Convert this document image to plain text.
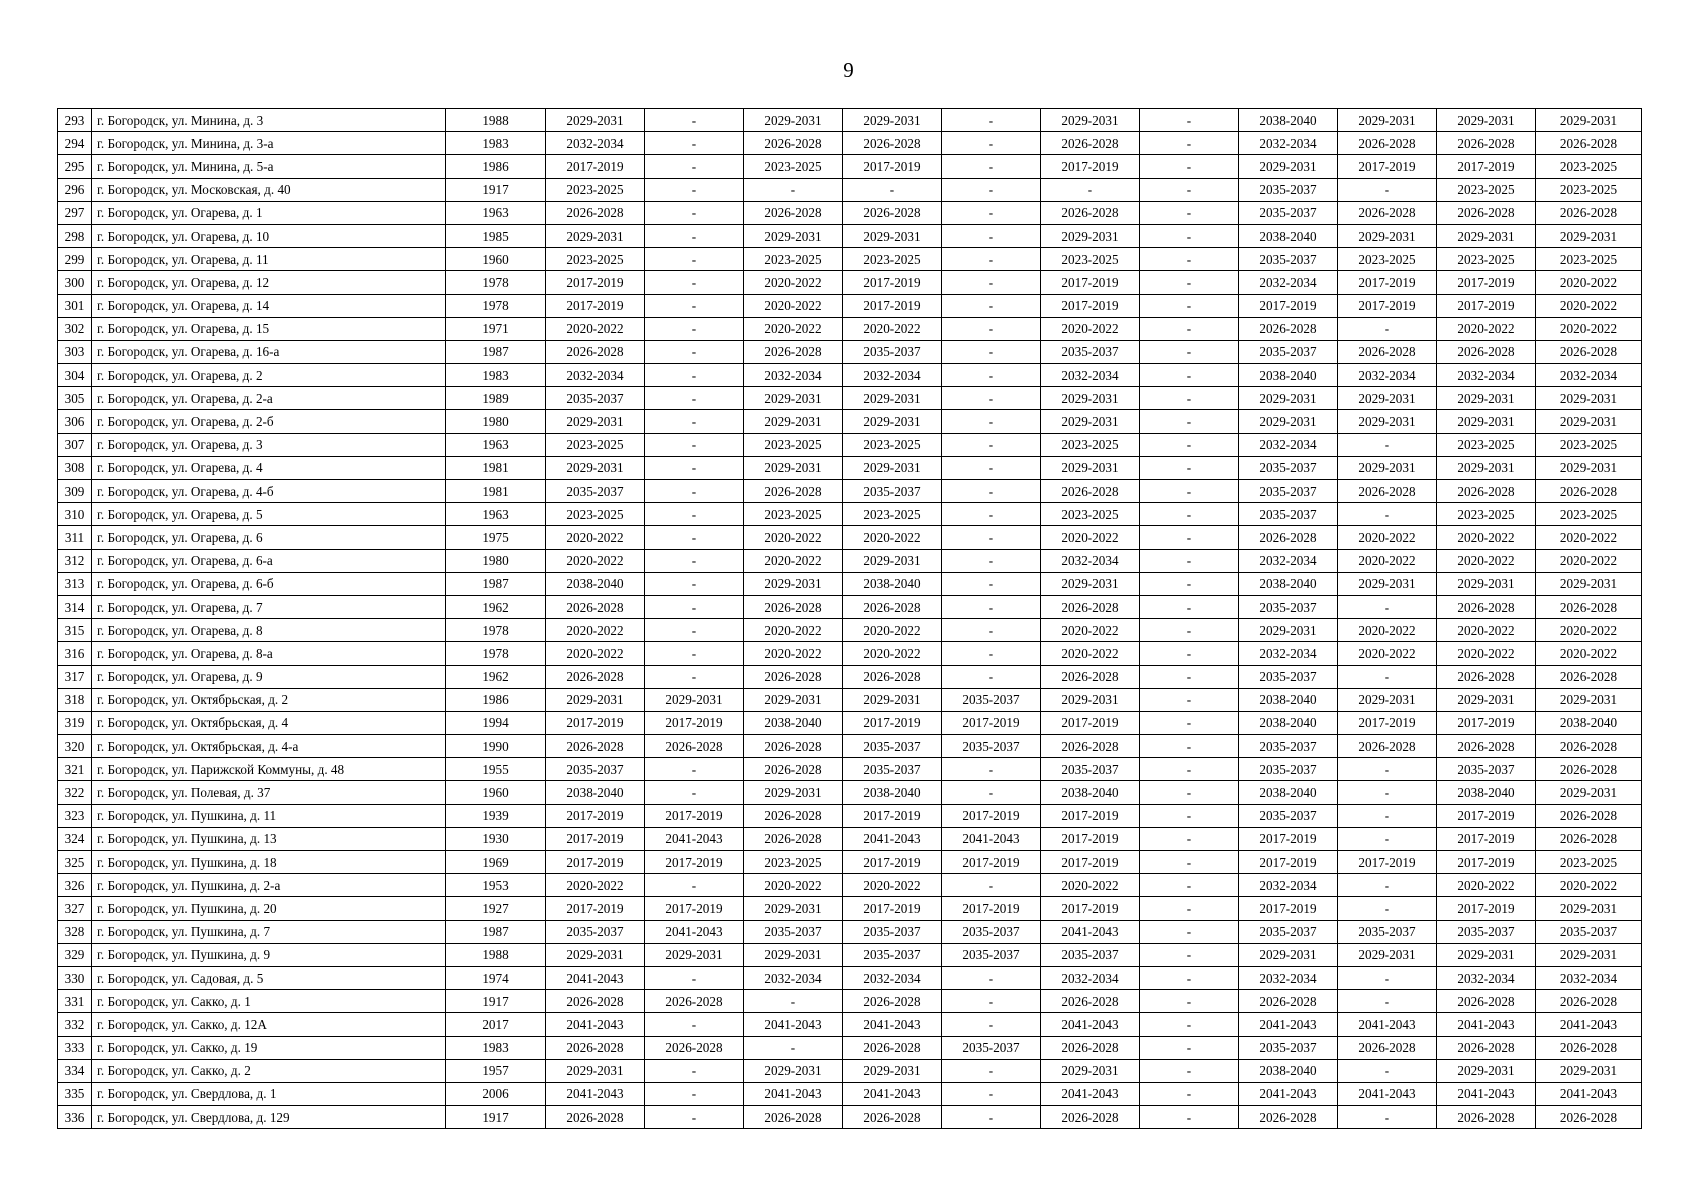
9
293	г. Богородск, ул. Минина, д. 3	1988	2029-2031	-	2029-2031	2029-2031	-	2029-2031	-	2038-2040	2029-2031	2029-2031	2029-2031
294	г. Богородск, ул. Минина, д. 3-а	1983	2032-2034	-	2026-2028	2026-2028	-	2026-2028	-	2032-2034	2026-2028	2026-2028	2026-2028
295	г. Богородск, ул. Минина, д. 5-а	1986	2017-2019	-	2023-2025	2017-2019	-	2017-2019	-	2029-2031	2017-2019	2017-2019	2023-2025
296	г. Богородск, ул. Московская, д. 40	1917	2023-2025	-	-	-	-	-	-	2035-2037	-	2023-2025	2023-2025
297	г. Богородск, ул. Огарева, д. 1	1963	2026-2028	-	2026-2028	2026-2028	-	2026-2028	-	2035-2037	2026-2028	2026-2028	2026-2028
298	г. Богородск, ул. Огарева, д. 10	1985	2029-2031	-	2029-2031	2029-2031	-	2029-2031	-	2038-2040	2029-2031	2029-2031	2029-2031
299	г. Богородск, ул. Огарева, д. 11	1960	2023-2025	-	2023-2025	2023-2025	-	2023-2025	-	2035-2037	2023-2025	2023-2025	2023-2025
300	г. Богородск, ул. Огарева, д. 12	1978	2017-2019	-	2020-2022	2017-2019	-	2017-2019	-	2032-2034	2017-2019	2017-2019	2020-2022
301	г. Богородск, ул. Огарева, д. 14	1978	2017-2019	-	2020-2022	2017-2019	-	2017-2019	-	2017-2019	2017-2019	2017-2019	2020-2022
302	г. Богородск, ул. Огарева, д. 15	1971	2020-2022	-	2020-2022	2020-2022	-	2020-2022	-	2026-2028	-	2020-2022	2020-2022
303	г. Богородск, ул. Огарева, д. 16-а	1987	2026-2028	-	2026-2028	2035-2037	-	2035-2037	-	2035-2037	2026-2028	2026-2028	2026-2028
304	г. Богородск, ул. Огарева, д. 2	1983	2032-2034	-	2032-2034	2032-2034	-	2032-2034	-	2038-2040	2032-2034	2032-2034	2032-2034
305	г. Богородск, ул. Огарева, д. 2-а	1989	2035-2037	-	2029-2031	2029-2031	-	2029-2031	-	2029-2031	2029-2031	2029-2031	2029-2031
306	г. Богородск, ул. Огарева, д. 2-б	1980	2029-2031	-	2029-2031	2029-2031	-	2029-2031	-	2029-2031	2029-2031	2029-2031	2029-2031
307	г. Богородск, ул. Огарева, д. 3	1963	2023-2025	-	2023-2025	2023-2025	-	2023-2025	-	2032-2034	-	2023-2025	2023-2025
308	г. Богородск, ул. Огарева, д. 4	1981	2029-2031	-	2029-2031	2029-2031	-	2029-2031	-	2035-2037	2029-2031	2029-2031	2029-2031
309	г. Богородск, ул. Огарева, д. 4-б	1981	2035-2037	-	2026-2028	2035-2037	-	2026-2028	-	2035-2037	2026-2028	2026-2028	2026-2028
310	г. Богородск, ул. Огарева, д. 5	1963	2023-2025	-	2023-2025	2023-2025	-	2023-2025	-	2035-2037	-	2023-2025	2023-2025
311	г. Богородск, ул. Огарева, д. 6	1975	2020-2022	-	2020-2022	2020-2022	-	2020-2022	-	2026-2028	2020-2022	2020-2022	2020-2022
312	г. Богородск, ул. Огарева, д. 6-а	1980	2020-2022	-	2020-2022	2029-2031	-	2032-2034	-	2032-2034	2020-2022	2020-2022	2020-2022
313	г. Богородск, ул. Огарева, д. 6-б	1987	2038-2040	-	2029-2031	2038-2040	-	2029-2031	-	2038-2040	2029-2031	2029-2031	2029-2031
314	г. Богородск, ул. Огарева, д. 7	1962	2026-2028	-	2026-2028	2026-2028	-	2026-2028	-	2035-2037	-	2026-2028	2026-2028
315	г. Богородск, ул. Огарева, д. 8	1978	2020-2022	-	2020-2022	2020-2022	-	2020-2022	-	2029-2031	2020-2022	2020-2022	2020-2022
316	г. Богородск, ул. Огарева, д. 8-а	1978	2020-2022	-	2020-2022	2020-2022	-	2020-2022	-	2032-2034	2020-2022	2020-2022	2020-2022
317	г. Богородск, ул. Огарева, д. 9	1962	2026-2028	-	2026-2028	2026-2028	-	2026-2028	-	2035-2037	-	2026-2028	2026-2028
318	г. Богородск, ул. Октябрьская, д. 2	1986	2029-2031	2029-2031	2029-2031	2029-2031	2035-2037	2029-2031	-	2038-2040	2029-2031	2029-2031	2029-2031
319	г. Богородск, ул. Октябрьская, д. 4	1994	2017-2019	2017-2019	2038-2040	2017-2019	2017-2019	2017-2019	-	2038-2040	2017-2019	2017-2019	2038-2040
320	г. Богородск, ул. Октябрьская, д. 4-а	1990	2026-2028	2026-2028	2026-2028	2035-2037	2035-2037	2026-2028	-	2035-2037	2026-2028	2026-2028	2026-2028
321	г. Богородск, ул. Парижской Коммуны, д. 48	1955	2035-2037	-	2026-2028	2035-2037	-	2035-2037	-	2035-2037	-	2035-2037	2026-2028
322	г. Богородск, ул. Полевая, д. 37	1960	2038-2040	-	2029-2031	2038-2040	-	2038-2040	-	2038-2040	-	2038-2040	2029-2031
323	г. Богородск, ул. Пушкина, д. 11	1939	2017-2019	2017-2019	2026-2028	2017-2019	2017-2019	2017-2019	-	2035-2037	-	2017-2019	2026-2028
324	г. Богородск, ул. Пушкина, д. 13	1930	2017-2019	2041-2043	2026-2028	2041-2043	2041-2043	2017-2019	-	2017-2019	-	2017-2019	2026-2028
325	г. Богородск, ул. Пушкина, д. 18	1969	2017-2019	2017-2019	2023-2025	2017-2019	2017-2019	2017-2019	-	2017-2019	2017-2019	2017-2019	2023-2025
326	г. Богородск, ул. Пушкина, д. 2-а	1953	2020-2022	-	2020-2022	2020-2022	-	2020-2022	-	2032-2034	-	2020-2022	2020-2022
327	г. Богородск, ул. Пушкина, д. 20	1927	2017-2019	2017-2019	2029-2031	2017-2019	2017-2019	2017-2019	-	2017-2019	-	2017-2019	2029-2031
328	г. Богородск, ул. Пушкина, д. 7	1987	2035-2037	2041-2043	2035-2037	2035-2037	2035-2037	2041-2043	-	2035-2037	2035-2037	2035-2037	2035-2037
329	г. Богородск, ул. Пушкина, д. 9	1988	2029-2031	2029-2031	2029-2031	2035-2037	2035-2037	2035-2037	-	2029-2031	2029-2031	2029-2031	2029-2031
330	г. Богородск, ул. Садовая, д. 5	1974	2041-2043	-	2032-2034	2032-2034	-	2032-2034	-	2032-2034	-	2032-2034	2032-2034
331	г. Богородск, ул. Сакко, д. 1	1917	2026-2028	2026-2028	-	2026-2028	-	2026-2028	-	2026-2028	-	2026-2028	2026-2028
332	г. Богородск, ул. Сакко, д. 12А	2017	2041-2043	-	2041-2043	2041-2043	-	2041-2043	-	2041-2043	2041-2043	2041-2043	2041-2043
333	г. Богородск, ул. Сакко, д. 19	1983	2026-2028	2026-2028	-	2026-2028	2035-2037	2026-2028	-	2035-2037	2026-2028	2026-2028	2026-2028
334	г. Богородск, ул. Сакко, д. 2	1957	2029-2031	-	2029-2031	2029-2031	-	2029-2031	-	2038-2040	-	2029-2031	2029-2031
335	г. Богородск, ул. Свердлова, д. 1	2006	2041-2043	-	2041-2043	2041-2043	-	2041-2043	-	2041-2043	2041-2043	2041-2043	2041-2043
336	г. Богородск, ул. Свердлова, д. 129	1917	2026-2028	-	2026-2028	2026-2028	-	2026-2028	-	2026-2028	-	2026-2028	2026-2028
